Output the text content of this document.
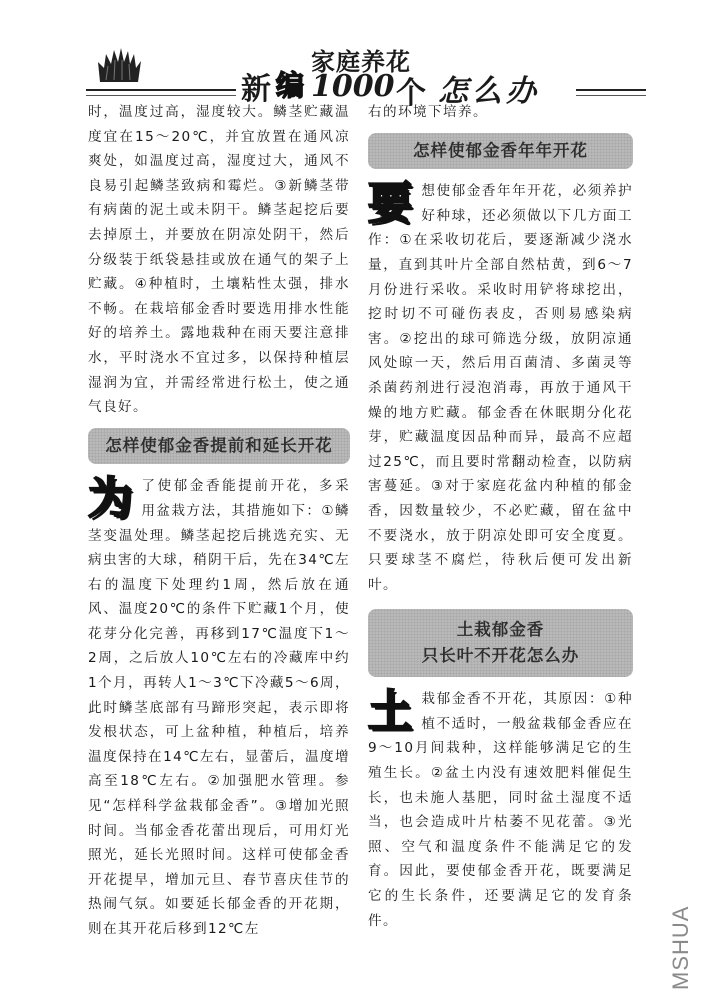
新 编
家庭养花
1000 个 怎么办

时，温度过高，湿度较大。鳞茎贮藏温度宜在15～20℃，并宜放置在通风凉爽处，如温度过高，湿度过大，通风不良易引起鳞茎致病和霉烂。③新鳞茎带有病菌的泥土或未阴干。鳞茎起挖后要去掉原土，并要放在阴凉处阴干，然后分级装于纸袋悬挂或放在通气的架子上贮藏。④种植时，土壤粘性太强，排水不畅。在栽培郁金香时要选用排水性能好的培养土。露地栽种在雨天要注意排水，平时浇水不宜过多，以保持种植层湿润为宜，并需经常进行松土，使之通气良好。

怎样使郁金香提前和延长开花

为 了使郁金香能提前开花，多采用盆栽方法，其措施如下：①鳞茎变温处理。鳞茎起挖后挑选充实、无病虫害的大球，稍阴干后，先在34℃左右的温度下处理约1周，然后放在通风、温度20℃的条件下贮藏1个月，使花芽分化完善，再移到17℃温度下1～2周，之后放人10℃左右的冷藏库中约1个月，再转人1～3℃下冷藏5～6周，此时鳞茎底部有马蹄形突起，表示即将发根状态，可上盆种植，种植后，培养温度保持在14℃左右，显蕾后，温度增高至18℃左右。②加强肥水管理。参见“怎样科学盆栽郁金香”。③增加光照时间。当郁金香花蕾出现后，可用灯光照光，延长光照时间。这样可使郁金香开花提早，增加元旦、春节喜庆佳节的热闹气氛。如要延长郁金香的开花期，则在其开花后移到12℃左

右的环境下培养。

怎样使郁金香年年开花

要 想使郁金香年年开花，必须养护好种球，还必须做以下几方面工作：①在采收切花后，要逐渐减少浇水量，直到其叶片全部自然枯黄，到6～7月份进行采收。采收时用铲将球挖出，挖时切不可碰伤表皮，否则易感染病害。②挖出的球可筛选分级，放阴凉通风处晾一天，然后用百菌清、多菌灵等杀菌药剂进行浸泡消毒，再放于通风干燥的地方贮藏。郁金香在休眠期分化花芽，贮藏温度因品种而异，最高不应超过25℃，而且要时常翻动检查，以防病害蔓延。③对于家庭花盆内种植的郁金香，因数量较少，不必贮藏，留在盆中不要浇水，放于阴凉处即可安全度夏。只要球茎不腐烂，待秋后便可发出新叶。

土栽郁金香
只长叶不开花怎么办

土 栽郁金香不开花，其原因：①种植不适时，一般盆栽郁金香应在9～10月间栽种，这样能够满足它的生殖生长。②盆土内没有速效肥料催促生长，也未施人基肥，同时盆土湿度不适当，也会造成叶片枯萎不见花蕾。③光照、空气和温度条件不能满足它的发育。因此，要使郁金香开花，既要满足它的生长条件，还要满足它的发育条件。	MSHUA
